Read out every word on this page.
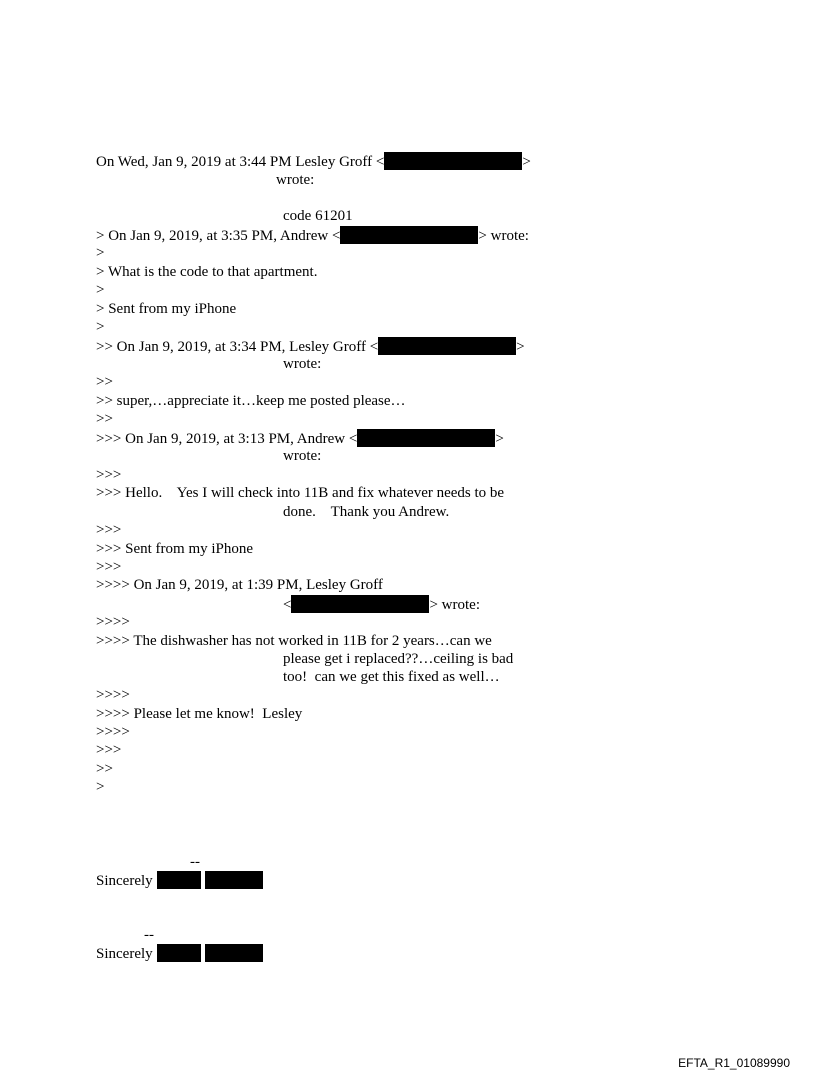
On Wed, Jan 9, 2019 at 3:44 PM Lesley Groff <	>
wrote:
code 61201
> On Jan 9, 2019, at 3:35 PM, Andrew <	> wrote:
>
> What is the code to that apartment.
>
> Sent from my iPhone
>
>> On Jan 9, 2019, at 3:34 PM, Lesley Groff <	>
wrote:
>>
>> super,…appreciate it…keep me posted please…
>>
>>> On Jan 9, 2019, at 3:13 PM, Andrew <	>
wrote:
>>>
>>> Hello.    Yes I will check into 11B and fix whatever needs to be
done.    Thank you Andrew.
>>>
>>> Sent from my iPhone
>>>
>>>> On Jan 9, 2019, at 1:39 PM, Lesley Groff
<	> wrote:
>>>>
>>>> The dishwasher has not worked in 11B for 2 years…can we
please get i replaced??…ceiling is bad
too!  can we get this fixed as well…
>>>>
>>>> Please let me know!  Lesley
>>>>
>>>
>>
>
--
Sincerely
--
Sincerely
EFTA_R1_01089990
